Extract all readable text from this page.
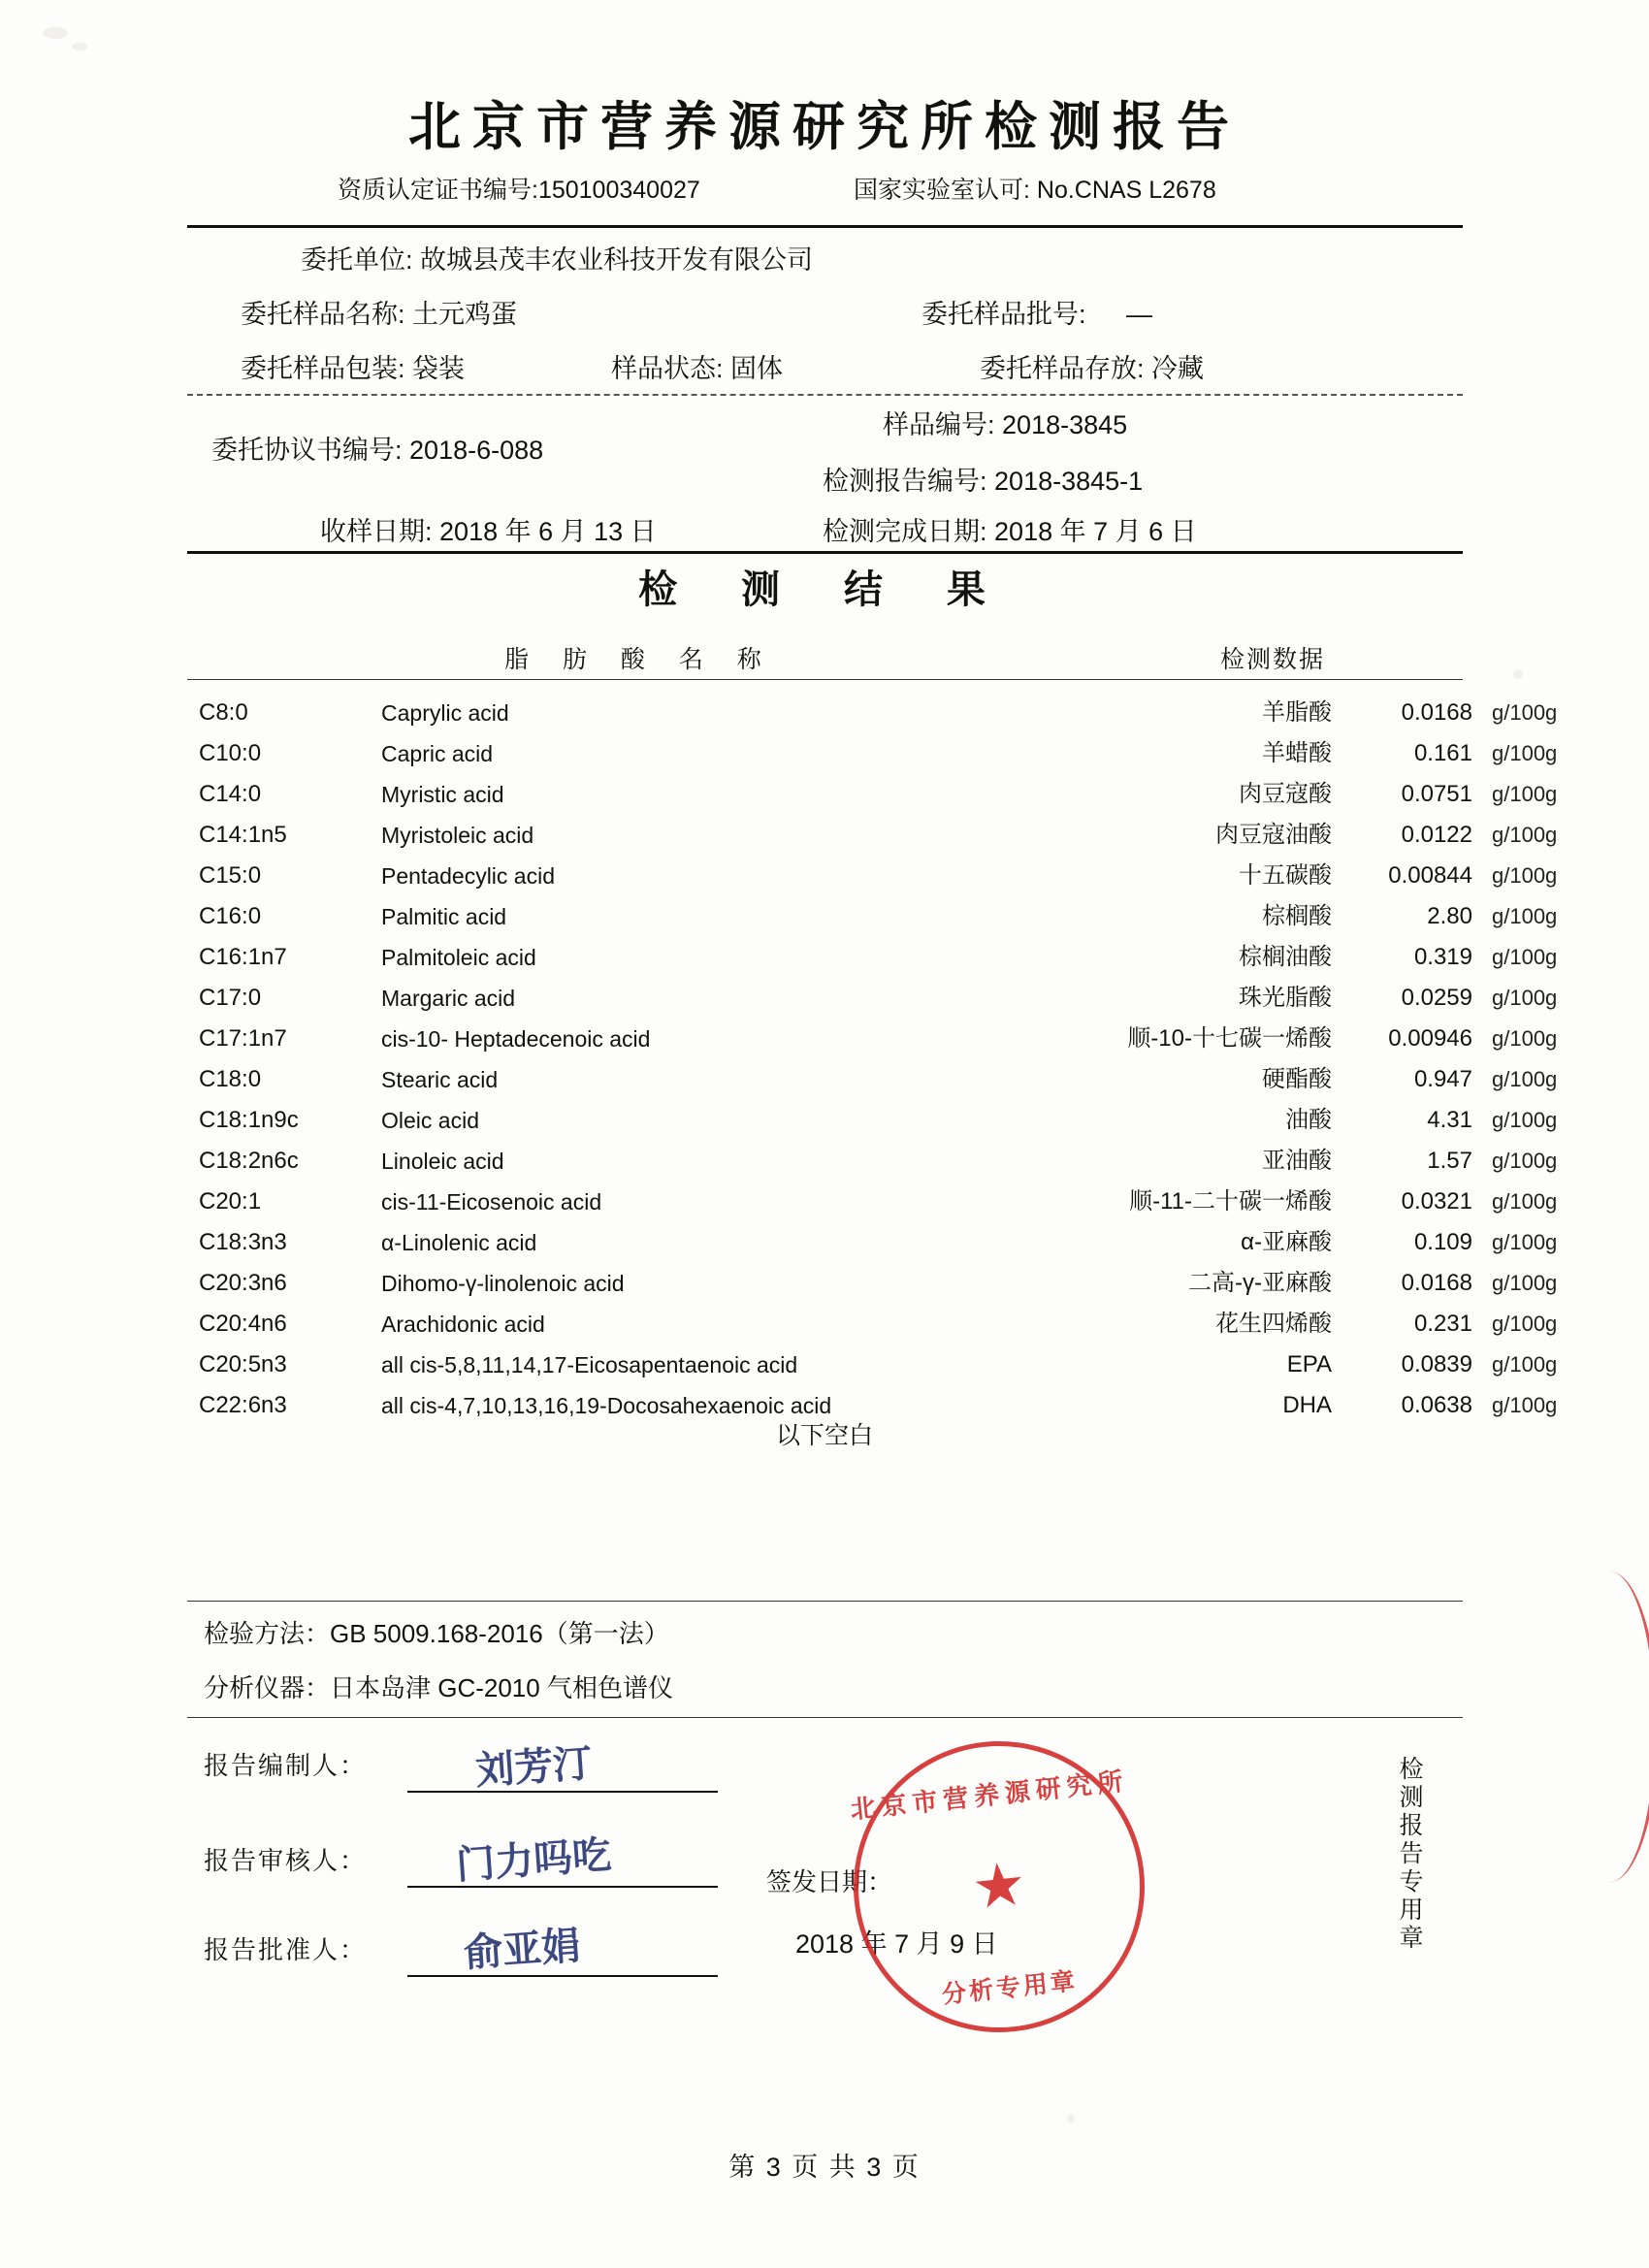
北京市营养源研究所检测报告
资质认定证书编号:150100340027	国家实验室认可: No.CNAS L2678
委托单位: 故城县茂丰农业科技开发有限公司
委托样品名称: 土元鸡蛋	委托样品批号: —
委托样品包装: 袋装	样品状态: 固体	委托样品存放: 冷藏
委托协议书编号: 2018-6-088
样品编号: 2018-3845
检测报告编号: 2018-3845-1
收样日期: 2018 年 6 月 13 日	检测完成日期: 2018 年 7 月 6 日
检 测 结 果
脂 肪 酸 名 称	检测数据
C8:0	Caprylic acid	羊脂酸	0.0168 g/100g
C10:0	Capric acid	羊蜡酸	0.161 g/100g
C14:0	Myristic acid	肉豆寇酸	0.0751 g/100g
C14:1n5	Myristoleic acid	肉豆寇油酸	0.0122 g/100g
C15:0	Pentadecylic acid	十五碳酸	0.00844 g/100g
C16:0	Palmitic acid	棕榈酸	2.80 g/100g
C16:1n7	Palmitoleic acid	棕榈油酸	0.319 g/100g
C17:0	Margaric acid	珠光脂酸	0.0259 g/100g
C17:1n7	cis-10- Heptadecenoic acid	顺-10-十七碳一烯酸	0.00946 g/100g
C18:0	Stearic acid	硬酯酸	0.947 g/100g
C18:1n9c	Oleic acid	油酸	4.31 g/100g
C18:2n6c	Linoleic acid	亚油酸	1.57 g/100g
C20:1	cis-11-Eicosenoic acid	顺-11-二十碳一烯酸	0.0321 g/100g
C18:3n3	α-Linolenic acid	α-亚麻酸	0.109 g/100g
C20:3n6	Dihomo-γ-linolenoic acid	二高-γ-亚麻酸	0.0168 g/100g
C20:4n6	Arachidonic acid	花生四烯酸	0.231 g/100g
C20:5n3	all cis-5,8,11,14,17-Eicosapentaenoic acid	EPA	0.0839 g/100g
C22:6n3	all cis-4,7,10,13,16,19-Docosahexaenoic acid	DHA	0.0638 g/100g
以下空白
检验方法：GB 5009.168-2016（第一法）
分析仪器：日本岛津 GC-2010 气相色谱仪
报告编制人：	刘芳汀
报告审核人： 门力吗吃
报告批准人： 俞亚娟
签发日期：
2018 年 7 月 9 日
北京市营养源研究所
★
分析专用章
检测报告专用章
第 3 页 共 3 页
